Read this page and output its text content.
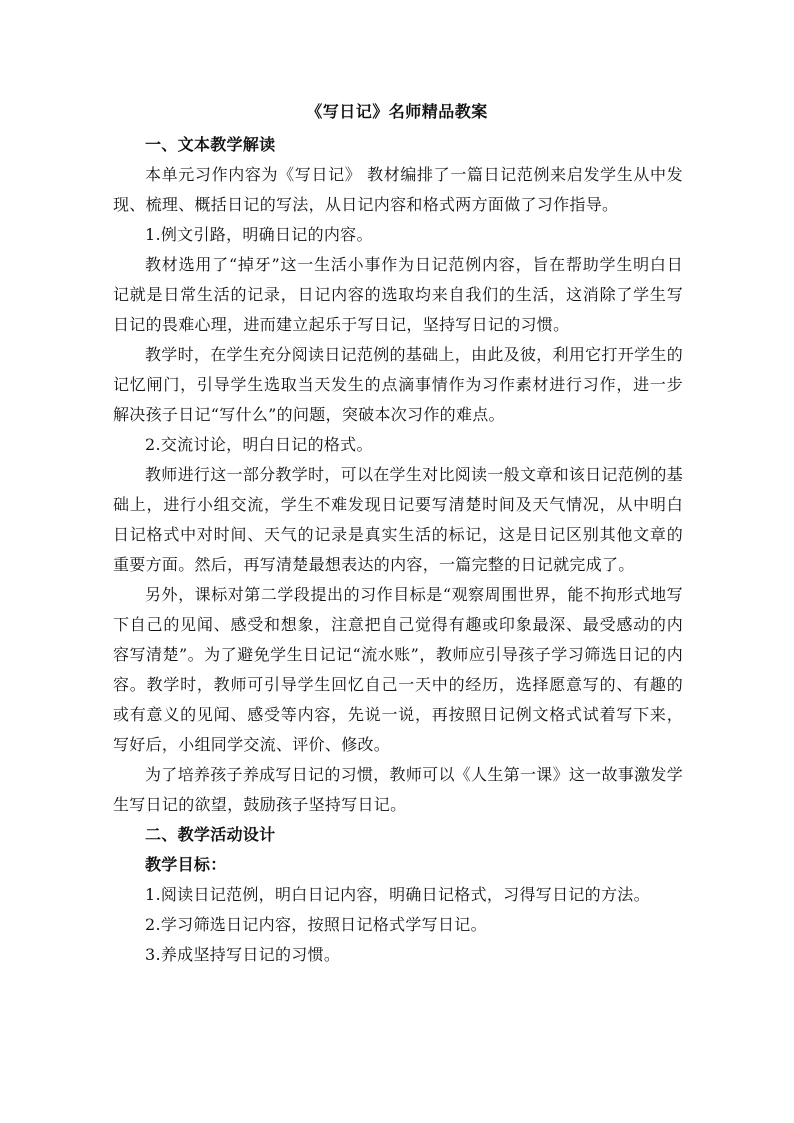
《写日记》名师精品教案

一、文本教学解读

本单元习作内容为《写日记》 教材编排了一篇日记范例来启发学生从中发现、梳理、概括日记的写法，从日记内容和格式两方面做了习作指导。

1.例文引路，明确日记的内容。

教材选用了“掉牙”这一生活小事作为日记范例内容，旨在帮助学生明白日记就是日常生活的记录，日记内容的选取均来自我们的生活，这消除了学生写日记的畏难心理，进而建立起乐于写日记，坚持写日记的习惯。

教学时，在学生充分阅读日记范例的基础上，由此及彼，利用它打开学生的记忆闸门，引导学生选取当天发生的点滴事情作为习作素材进行习作，进一步解决孩子日记“写什么”的问题，突破本次习作的难点。

2.交流讨论，明白日记的格式。

教师进行这一部分教学时，可以在学生对比阅读一般文章和该日记范例的基础上，进行小组交流，学生不难发现日记要写清楚时间及天气情况，从中明白日记格式中对时间、天气的记录是真实生活的标记，这是日记区别其他文章的重要方面。然后，再写清楚最想表达的内容，一篇完整的日记就完成了。

另外，课标对第二学段提出的习作目标是“观察周围世界，能不拘形式地写下自己的见闻、感受和想象，注意把自己觉得有趣或印象最深、最受感动的内容写清楚”。为了避免学生日记记“流水账”，教师应引导孩子学习筛选日记的内容。教学时，教师可引导学生回忆自己一天中的经历，选择愿意写的、有趣的或有意义的见闻、感受等内容，先说一说，再按照日记例文格式试着写下来，写好后，小组同学交流、评价、修改。

为了培养孩子养成写日记的习惯，教师可以《人生第一课》这一故事激发学生写日记的欲望，鼓励孩子坚持写日记。

二、教学活动设计

教学目标：

1.阅读日记范例，明白日记内容，明确日记格式，习得写日记的方法。

2.学习筛选日记内容，按照日记格式学写日记。

3.养成坚持写日记的习惯。
